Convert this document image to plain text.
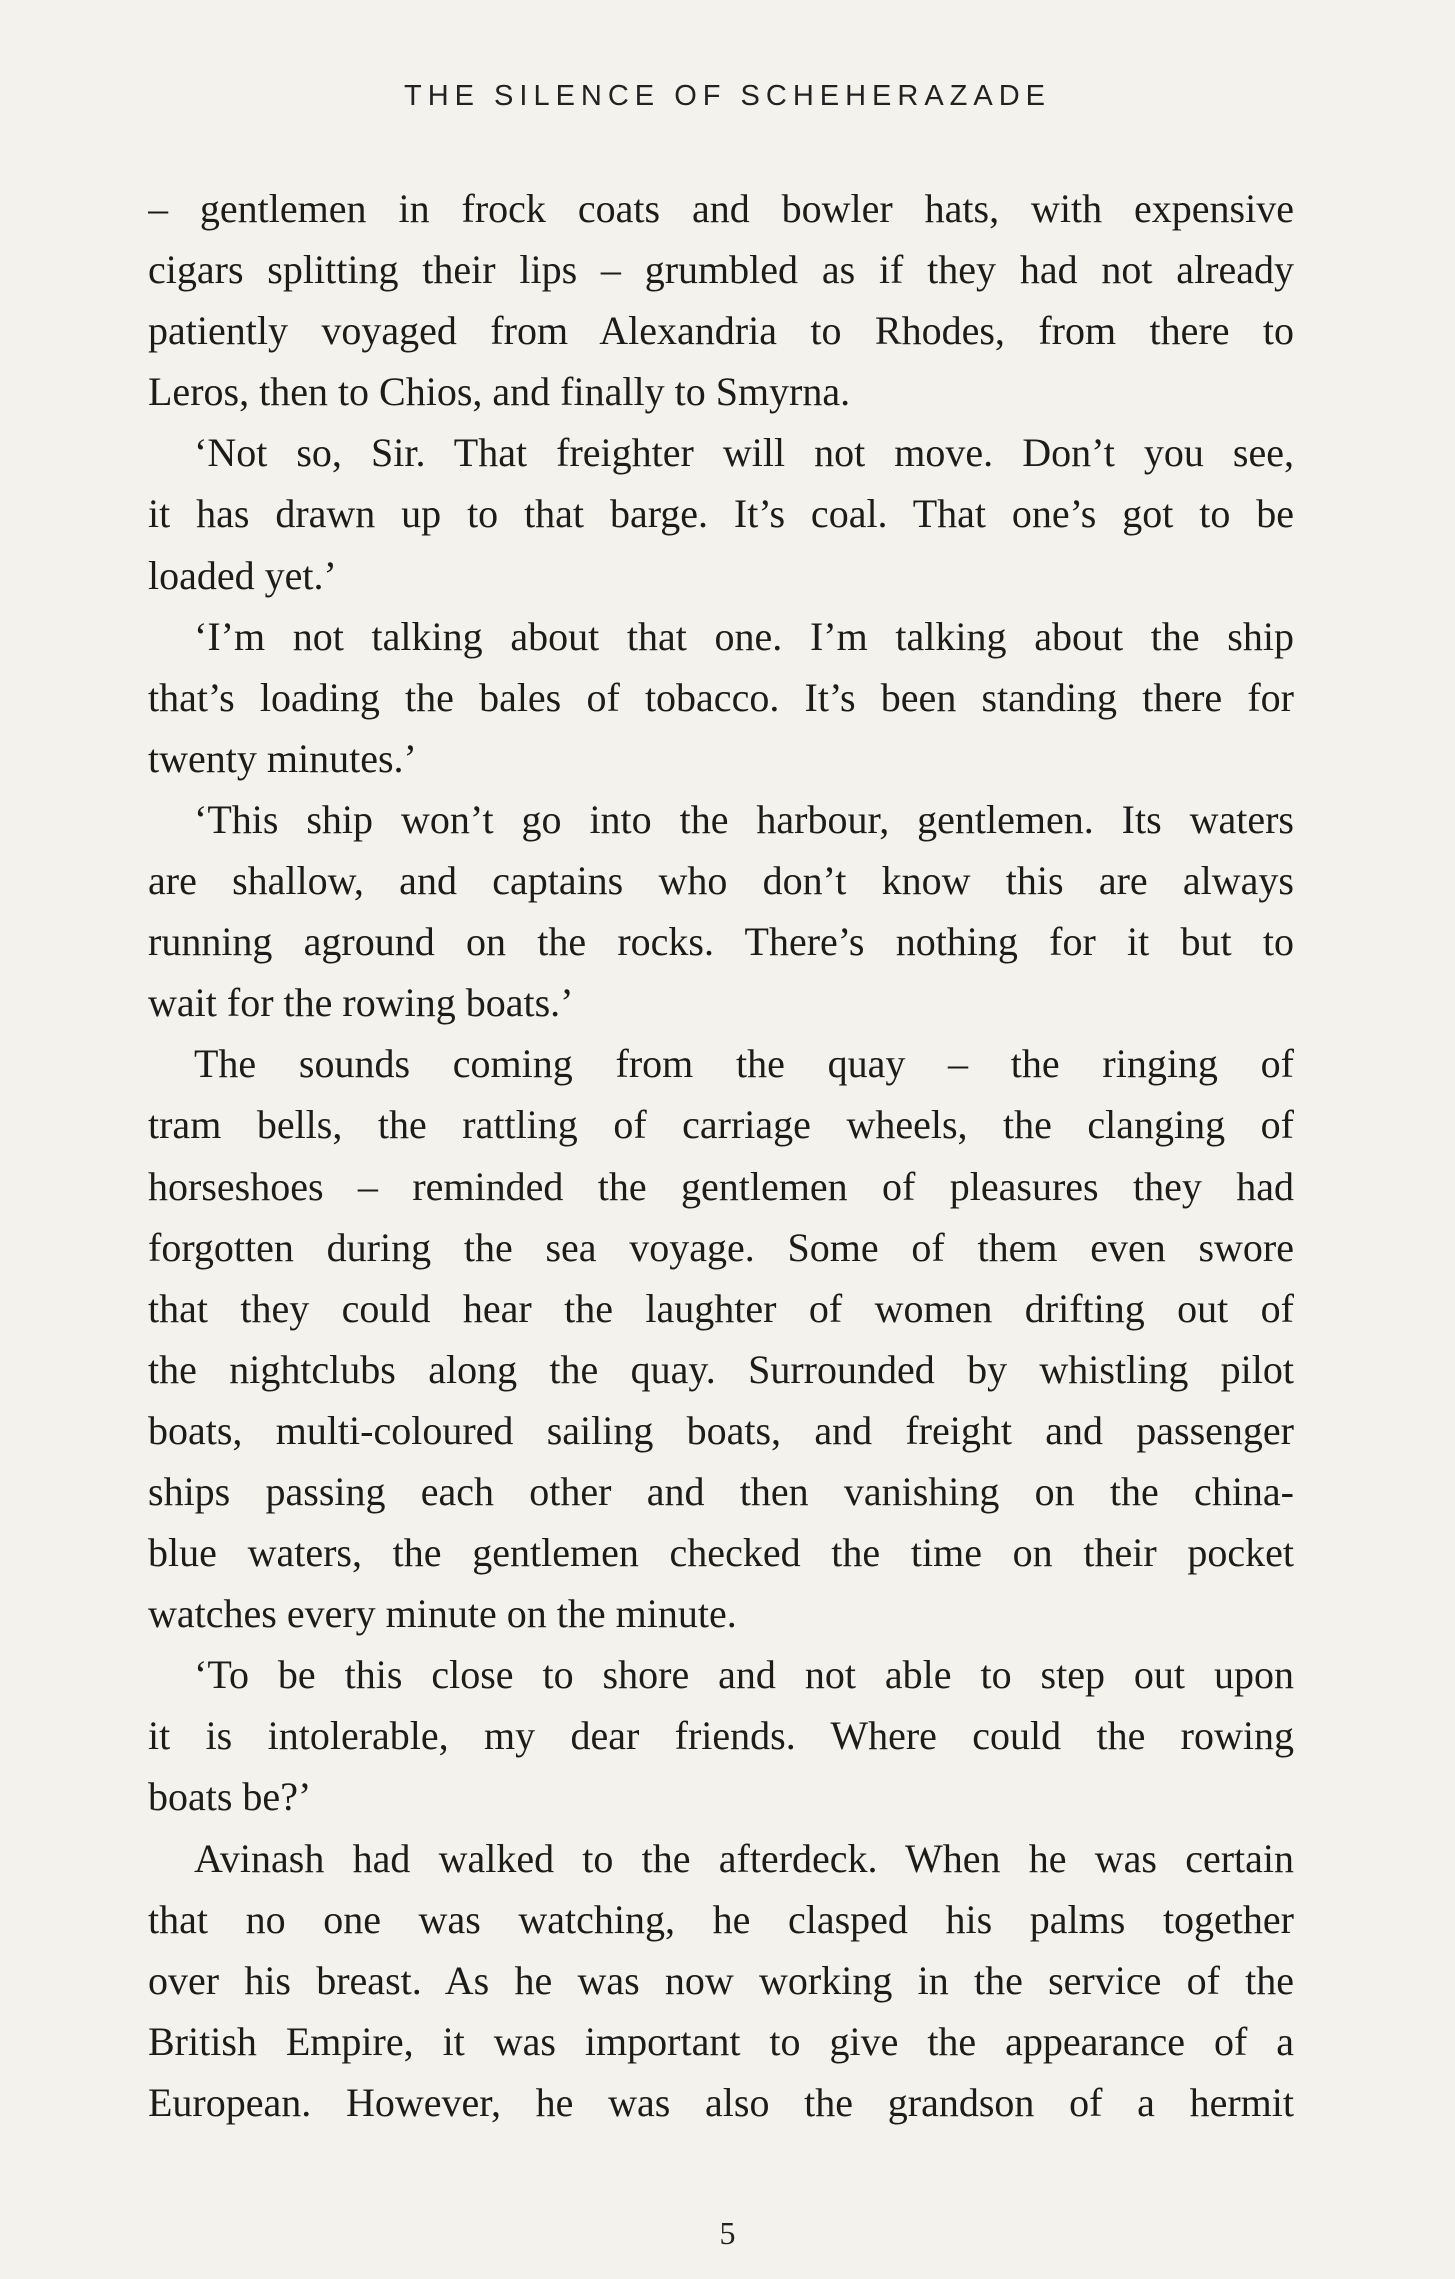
THE SILENCE OF SCHEHERAZADE
– gentlemen in frock coats and bowler hats, with expensive
cigars splitting their lips – grumbled as if they had not already
patiently voyaged from Alexandria to Rhodes, from there to
Leros, then to Chios, and finally to Smyrna.
‘Not so, Sir. That freighter will not move. Don’t you see,
it has drawn up to that barge. It’s coal. That one’s got to be
loaded yet.’
‘I’m not talking about that one. I’m talking about the ship
that’s loading the bales of tobacco. It’s been standing there for
twenty minutes.’
‘This ship won’t go into the harbour, gentlemen. Its waters
are shallow, and captains who don’t know this are always
running aground on the rocks. There’s nothing for it but to
wait for the rowing boats.’
The sounds coming from the quay – the ringing of
tram bells, the rattling of carriage wheels, the clanging of
horseshoes – reminded the gentlemen of pleasures they had
forgotten during the sea voyage. Some of them even swore
that they could hear the laughter of women drifting out of
the nightclubs along the quay. Surrounded by whistling pilot
boats, multi-coloured sailing boats, and freight and passenger
ships passing each other and then vanishing on the china-
blue waters, the gentlemen checked the time on their pocket
watches every minute on the minute.
‘To be this close to shore and not able to step out upon
it is intolerable, my dear friends. Where could the rowing
boats be?’
Avinash had walked to the afterdeck. When he was certain
that no one was watching, he clasped his palms together
over his breast. As he was now working in the service of the
British Empire, it was important to give the appearance of a
European. However, he was also the grandson of a hermit
5
